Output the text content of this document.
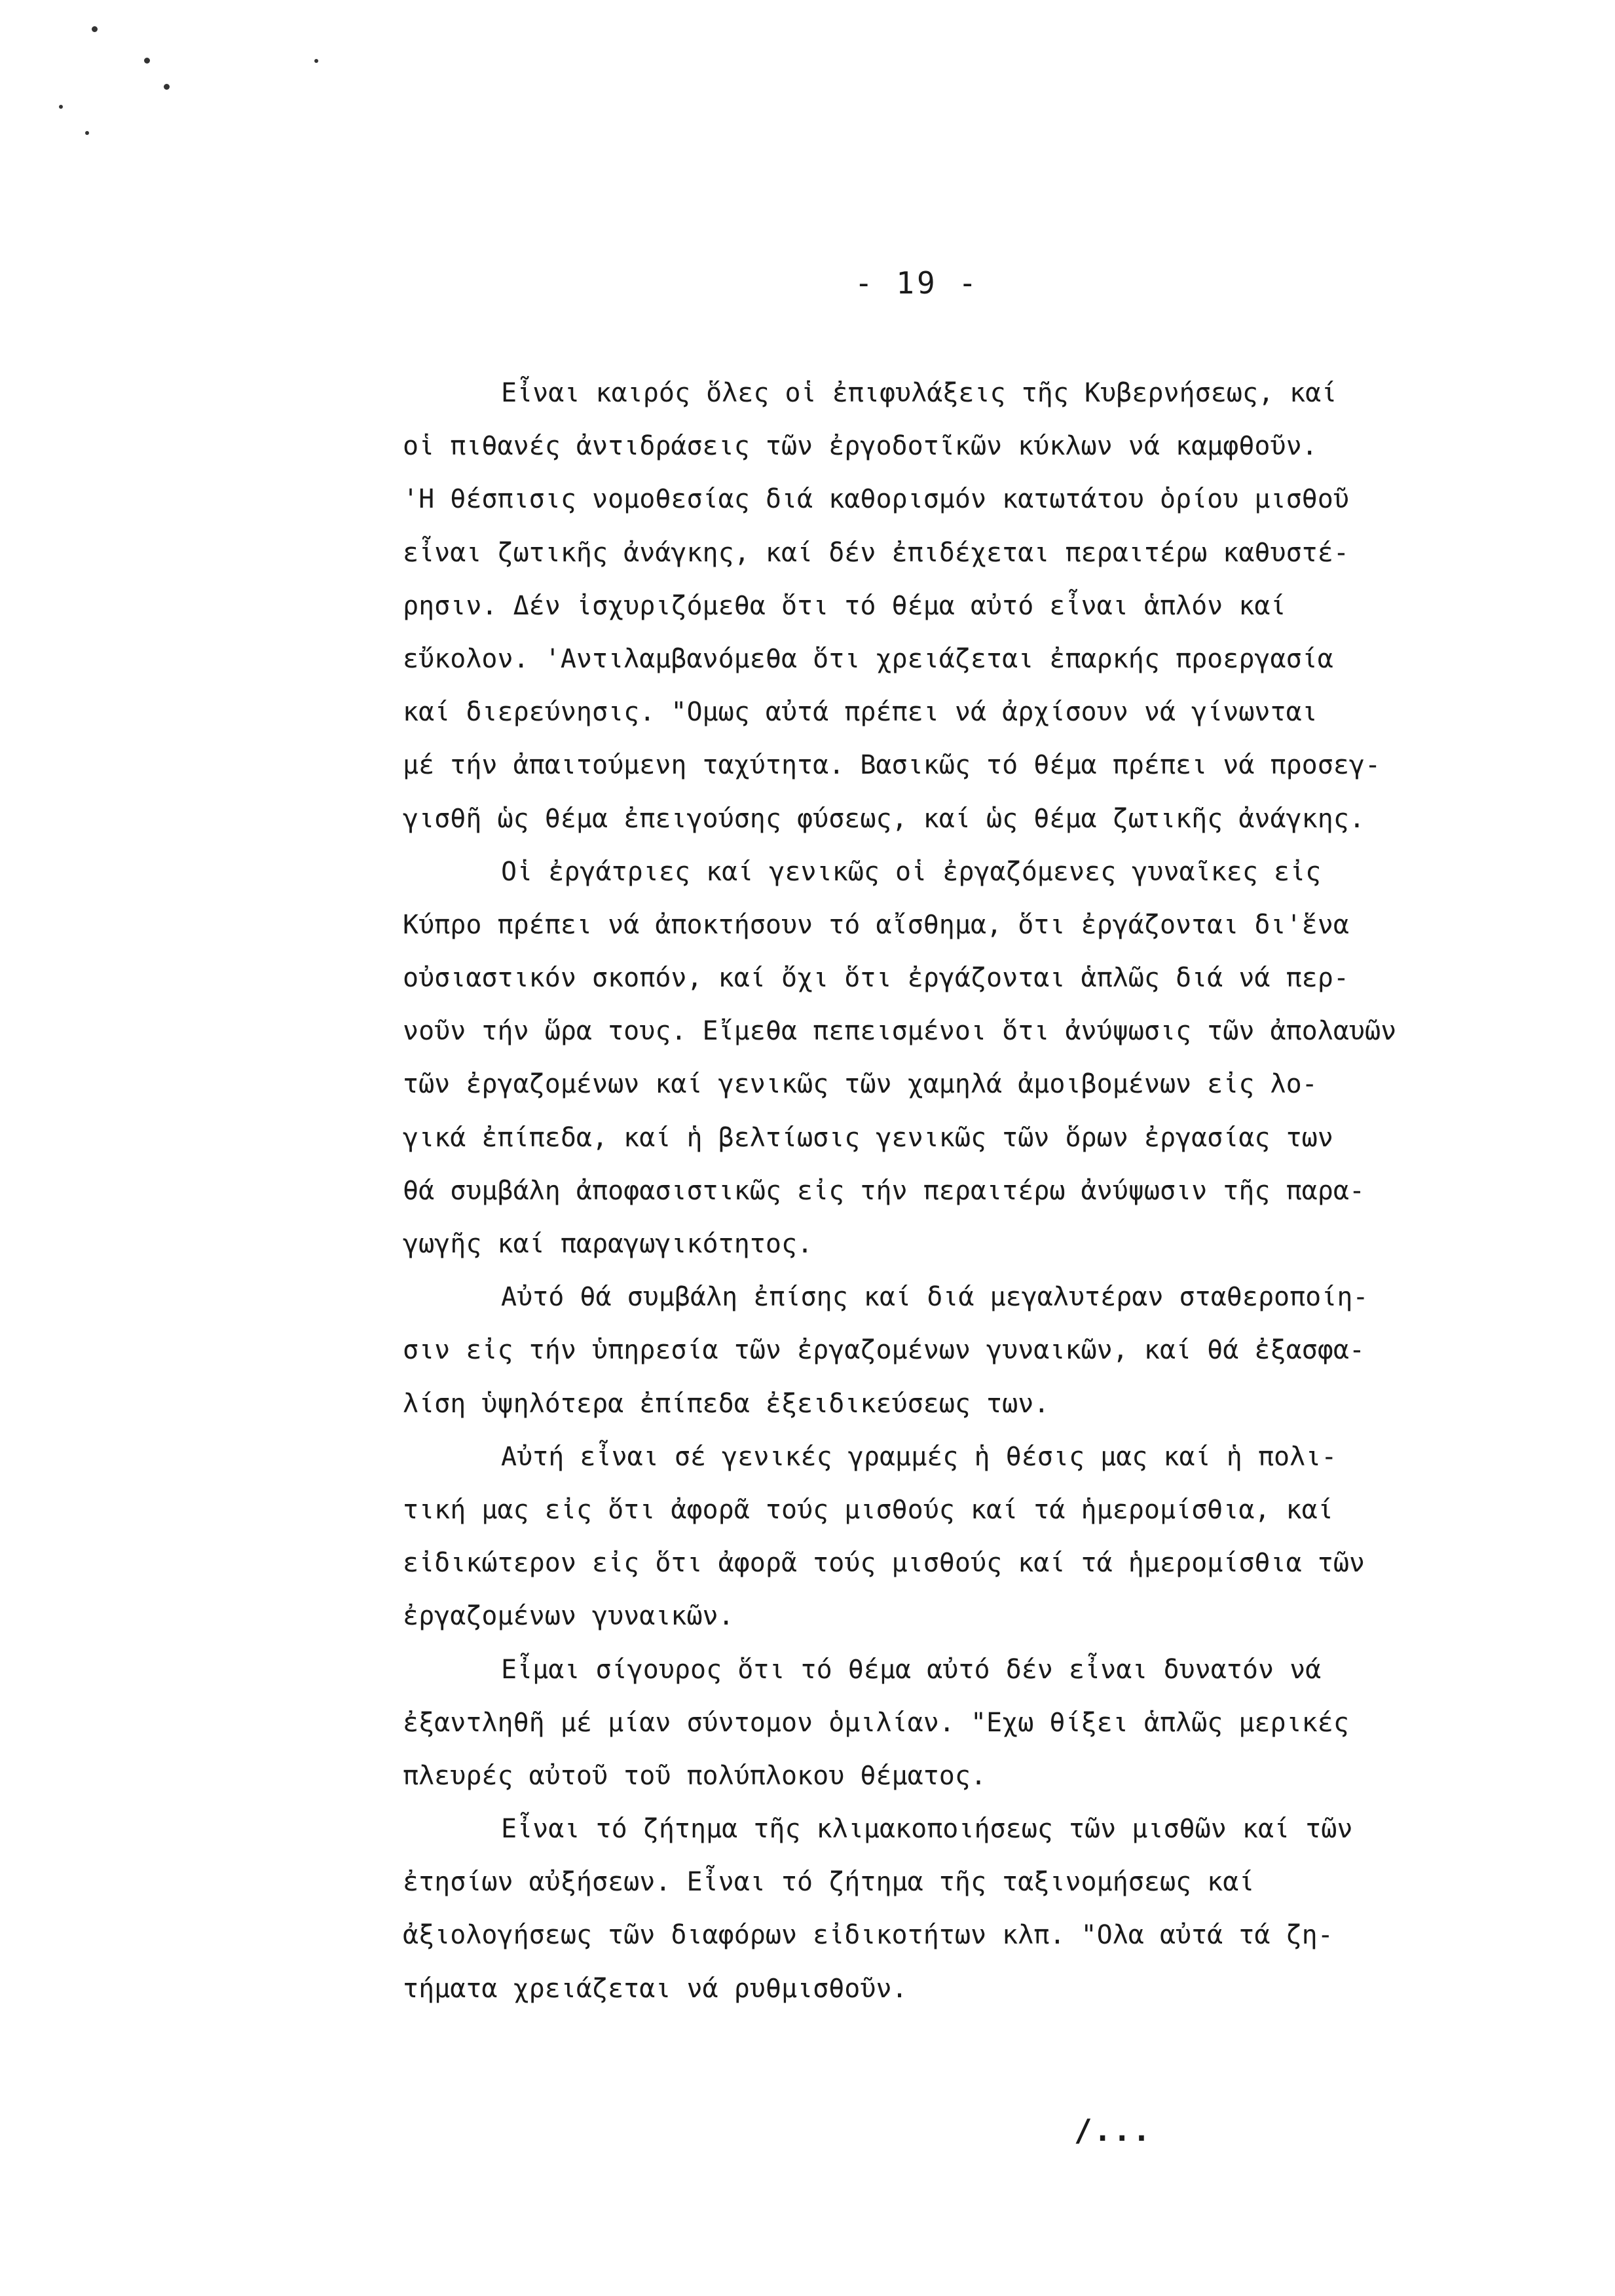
- 19 -
Εἶναι καιρός ὅλες οἱ ἐπιφυλάξεις τῆς Κυβερνήσεως, καί
οἱ πιθανές ἀντιδράσεις τῶν ἐργοδοτῖκῶν κύκλων νά καμφθοῦν.
'Η θέσπισις νομοθεσίας διά καθορισμόν κατωτάτου ὁρίου μισθοῦ
εἶναι ζωτικῆς ἀνάγκης, καί δέν ἐπιδέχεται περαιτέρω καθυστέ-
ρησιν. Δέν ἰσχυριζόμεθα ὅτι τό θέμα αὐτό εἶναι ἁπλόν καί
εὔκολον. 'Αντιλαμβανόμεθα ὅτι χρειάζεται ἐπαρκής προεργασία
καί διερεύνησις. "Ομως αὐτά πρέπει νά ἀρχίσουν νά γίνωνται
μέ τήν ἀπαιτούμενη ταχύτητα. Βασικῶς τό θέμα πρέπει νά προσεγ-
γισθῆ ὡς θέμα ἐπειγούσης φύσεως, καί ὡς θέμα ζωτικῆς ἀνάγκης.
Οἱ ἐργάτριες καί γενικῶς οἱ ἐργαζόμενες γυναῖκες εἰς
Κύπρο πρέπει νά ἀποκτήσουν τό αἴσθημα, ὅτι ἐργάζονται δι'ἕνα
οὐσιαστικόν σκοπόν, καί ὄχι ὅτι ἐργάζονται ἁπλῶς διά νά περ-
νοῦν τήν ὥρα τους. Εἴμεθα πεπεισμένοι ὅτι ἀνύψωσις τῶν ἀπολαυῶν
τῶν ἐργαζομένων καί γενικῶς τῶν χαμηλά ἀμοιβομένων εἰς λο-
γικά ἐπίπεδα, καί ἡ βελτίωσις γενικῶς τῶν ὅρων ἐργασίας των
θά συμβάλη ἀποφασιστικῶς εἰς τήν περαιτέρω ἀνύψωσιν τῆς παρα-
γωγῆς καί παραγωγικότητος.
Αὐτό θά συμβάλη ἐπίσης καί διά μεγαλυτέραν σταθεροποίη-
σιν εἰς τήν ὑπηρεσία τῶν ἐργαζομένων γυναικῶν, καί θά ἐξασφα-
λίση ὑψηλότερα ἐπίπεδα ἐξειδικεύσεως των.
Αὐτή εἶναι σέ γενικές γραμμές ἡ θέσις μας καί ἡ πολι-
τική μας εἰς ὅτι ἀφορᾶ τούς μισθούς καί τά ἡμερομίσθια, καί
εἰδικώτερον εἰς ὅτι ἀφορᾶ τούς μισθούς καί τά ἡμερομίσθια τῶν
ἐργαζομένων γυναικῶν.
Εἶμαι σίγουρος ὅτι τό θέμα αὐτό δέν εἶναι δυνατόν νά
ἐξαντληθῆ μέ μίαν σύντομον ὁμιλίαν. "Εχω θίξει ἁπλῶς μερικές
πλευρές αὐτοῦ τοῦ πολύπλοκου θέματος.
Εἶναι τό ζήτημα τῆς κλιμακοποιήσεως τῶν μισθῶν καί τῶν
ἐτησίων αὐξήσεων. Εἶναι τό ζήτημα τῆς ταξινομήσεως καί
ἀξιολογήσεως τῶν διαφόρων εἰδικοτήτων κλπ. "Ολα αὐτά τά ζη-
τήματα χρειάζεται νά ρυθμισθοῦν.
/...
